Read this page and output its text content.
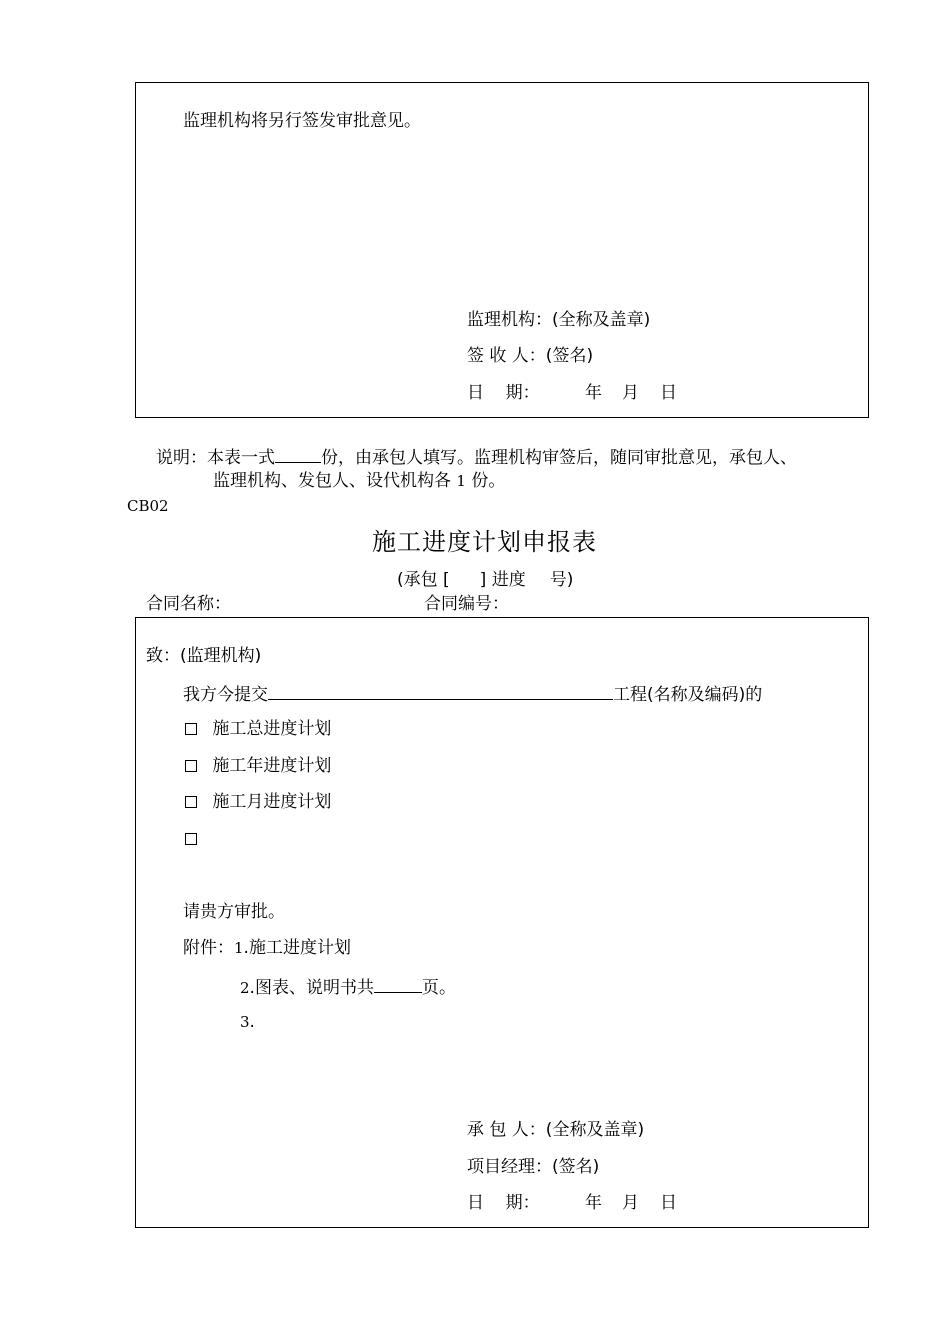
监理机构将另行签发审批意见。
监理机构：(全称及盖章)
签 收 人：(签名)
日    期：	年 月 日
说明：本表一式	份，由承包人填写。监理机构审签后，随同审批意见，承包人、
监理机构、发包人、设代机构各 1 份。
CB02
施工进度计划申报表
(承包 [ ] 进度 号)
合同名称：	合同编号：
致：(监理机构)
我方今提交	工程(名称及编码)的
施工总进度计划
施工年进度计划
施工月进度计划
请贵方审批。
附件：1.施工进度计划
2.图表、说明书共	页。
3.
承 包 人：(全称及盖章)
项目经理：(签名)
日    期：	年 月 日
